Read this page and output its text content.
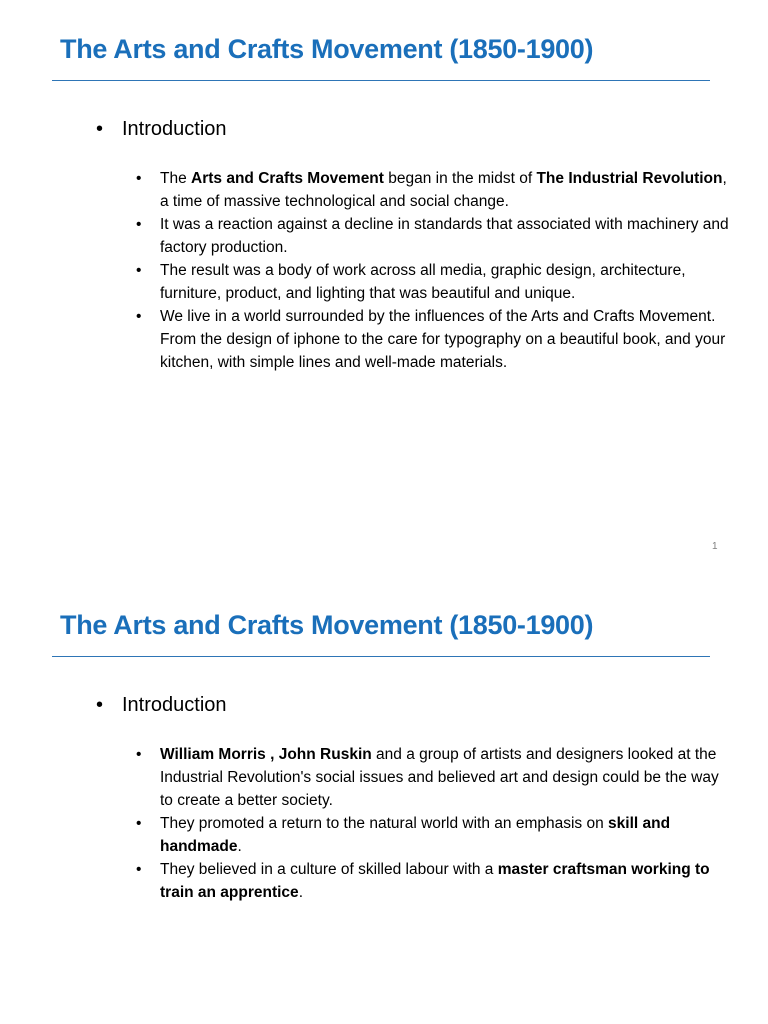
The Arts and Crafts Movement (1850-1900)
• Introduction
• The Arts and Crafts Movement began in the midst of The Industrial Revolution, a time of massive technological and social change.
• It was a reaction against a decline in standards that associated with machinery and factory production.
• The result was a body of work across all media, graphic design, architecture, furniture, product, and lighting that was beautiful and unique.
• We live in a world surrounded by the influences of the Arts and Crafts Movement. From the design of iphone to the care for typography on a beautiful book, and your kitchen, with simple lines and well-made materials.
1
The Arts and Crafts Movement (1850-1900)
• Introduction
• William Morris , John Ruskin and a group of artists and designers looked at the Industrial Revolution's social issues and believed art and design could be the way to create a better society.
• They promoted a return to the natural world with an emphasis on skill and handmade.
• They believed in a culture of skilled labour with a master craftsman working to train an apprentice.
